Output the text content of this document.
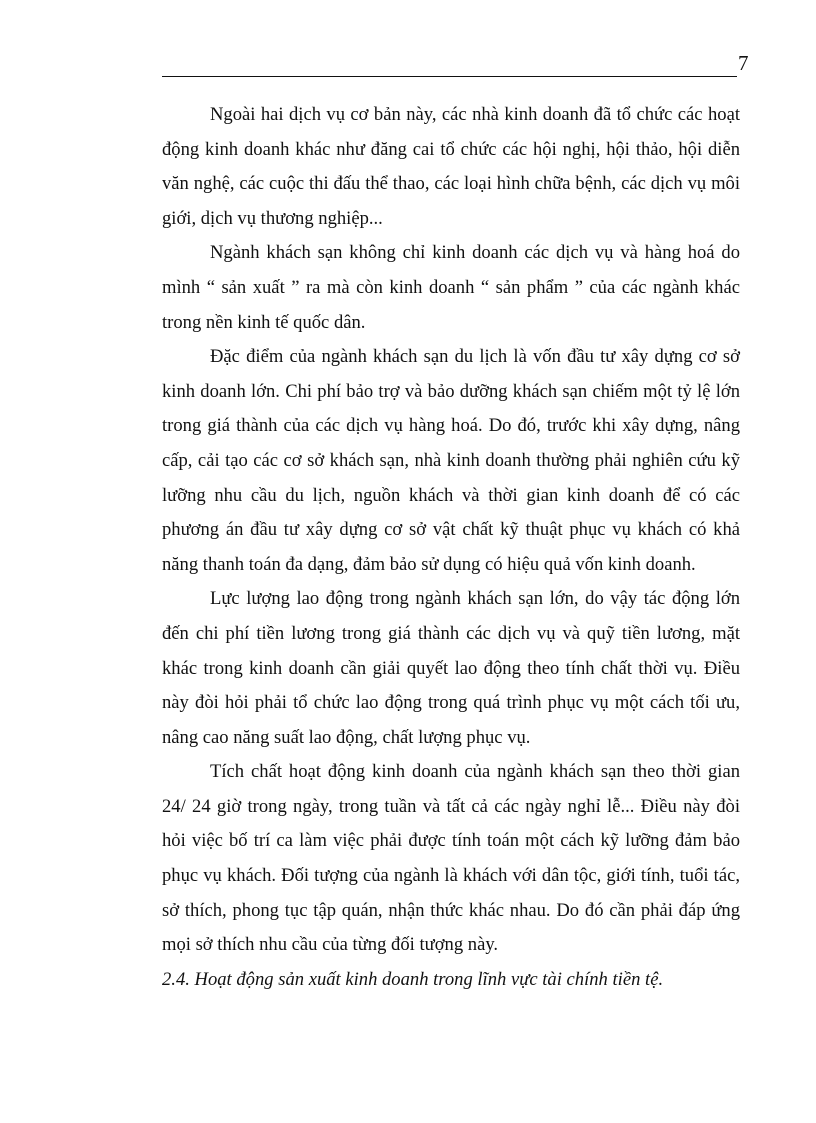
7

Ngoài hai dịch vụ cơ bản này, các nhà kinh doanh đã tổ chức các hoạt động kinh doanh khác như đăng cai tổ chức các hội nghị, hội thảo, hội diễn văn nghệ, các cuộc thi đấu thể thao, các loại hình chữa bệnh, các dịch vụ môi giới, dịch vụ thương nghiệp...

Ngành khách sạn không chỉ kinh doanh các dịch vụ và hàng hoá do mình “ sản xuất ” ra mà còn kinh doanh “ sản phẩm ” của các ngành khác trong nền kinh tế quốc dân.

Đặc điểm của ngành khách sạn du lịch là vốn đầu tư xây dựng cơ sở kinh doanh lớn. Chi phí bảo trợ và bảo dưỡng khách sạn chiếm một tỷ lệ lớn trong giá thành của các dịch vụ hàng hoá. Do đó, trước khi xây dựng, nâng cấp, cải tạo các cơ sở khách sạn, nhà kinh doanh thường phải nghiên cứu kỹ lưỡng nhu cầu du lịch, nguồn khách và thời gian kinh doanh để có các phương án đầu tư xây dựng cơ sở vật chất kỹ thuật phục vụ khách có khả năng thanh toán đa dạng, đảm bảo sử dụng có hiệu quả vốn kinh doanh.

Lực lượng lao động trong ngành khách sạn lớn, do vậy tác động lớn đến chi phí tiền lương trong giá thành các dịch vụ và quỹ tiền lương, mặt khác trong kinh doanh cần giải quyết lao động theo tính chất thời vụ. Điều này đòi hỏi phải tổ chức lao động trong quá trình phục vụ một cách tối ưu, nâng cao năng suất lao động, chất lượng phục vụ.

Tích chất hoạt động kinh doanh của ngành khách sạn theo thời gian 24/ 24 giờ trong ngày, trong tuần và tất cả các ngày nghỉ lễ... Điều này đòi hỏi việc bố trí ca làm việc phải được tính toán một cách kỹ lưỡng đảm bảo phục vụ khách. Đối tượng của ngành là khách với dân tộc, giới tính, tuổi tác, sở thích, phong tục tập quán, nhận thức khác nhau. Do đó cần phải đáp ứng mọi sở thích nhu cầu của từng đối tượng này.

2.4. Hoạt động sản xuất kinh doanh trong lĩnh vực tài chính tiền tệ.
